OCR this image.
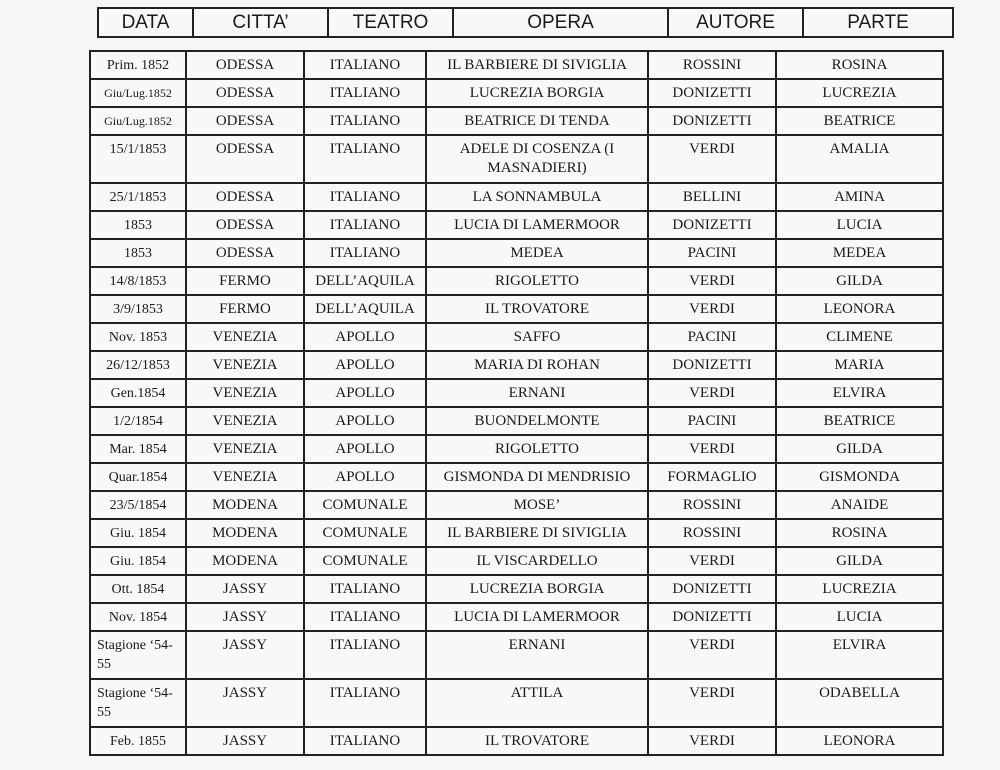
DATA	CITTA’	TEATRO	OPERA	AUTORE	PARTE
Prim. 1852	ODESSA	ITALIANO	IL BARBIERE DI SIVIGLIA	ROSSINI	ROSINA
Giu/Lug.1852	ODESSA	ITALIANO	LUCREZIA BORGIA	DONIZETTI	LUCREZIA
Giu/Lug.1852	ODESSA	ITALIANO	BEATRICE DI TENDA	DONIZETTI	BEATRICE
15/1/1853	ODESSA	ITALIANO	ADELE DI COSENZA (I MASNADIERI)	VERDI	AMALIA
25/1/1853	ODESSA	ITALIANO	LA SONNAMBULA	BELLINI	AMINA
1853	ODESSA	ITALIANO	LUCIA DI LAMERMOOR	DONIZETTI	LUCIA
1853	ODESSA	ITALIANO	MEDEA	PACINI	MEDEA
14/8/1853	FERMO	DELL’AQUILA	RIGOLETTO	VERDI	GILDA
3/9/1853	FERMO	DELL’AQUILA	IL TROVATORE	VERDI	LEONORA
Nov. 1853	VENEZIA	APOLLO	SAFFO	PACINI	CLIMENE
26/12/1853	VENEZIA	APOLLO	MARIA DI ROHAN	DONIZETTI	MARIA
Gen.1854	VENEZIA	APOLLO	ERNANI	VERDI	ELVIRA
1/2/1854	VENEZIA	APOLLO	BUONDELMONTE	PACINI	BEATRICE
Mar. 1854	VENEZIA	APOLLO	RIGOLETTO	VERDI	GILDA
Quar.1854	VENEZIA	APOLLO	GISMONDA DI MENDRISIO	FORMAGLIO	GISMONDA
23/5/1854	MODENA	COMUNALE	MOSE’	ROSSINI	ANAIDE
Giu. 1854	MODENA	COMUNALE	IL BARBIERE DI SIVIGLIA	ROSSINI	ROSINA
Giu. 1854	MODENA	COMUNALE	IL VISCARDELLO	VERDI	GILDA
Ott. 1854	JASSY	ITALIANO	LUCREZIA BORGIA	DONIZETTI	LUCREZIA
Nov. 1854	JASSY	ITALIANO	LUCIA DI LAMERMOOR	DONIZETTI	LUCIA
Stagione ‘54-55	JASSY	ITALIANO	ERNANI	VERDI	ELVIRA
Stagione ‘54-55	JASSY	ITALIANO	ATTILA	VERDI	ODABELLA
Feb. 1855	JASSY	ITALIANO	IL TROVATORE	VERDI	LEONORA
